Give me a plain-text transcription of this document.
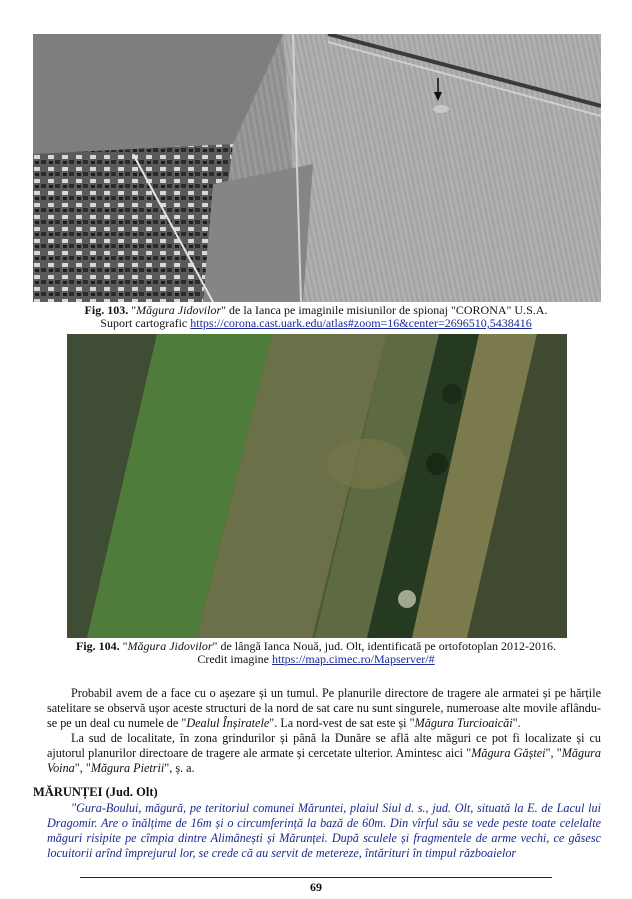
Fig. 103. "Măgura Jidovilor" de la Ianca pe imaginile misiunilor de spionaj "CORONA" U.S.A.
Suport cartografic https://corona.cast.uark.edu/atlas#zoom=16&center=2696510,5438416
Fig. 104. "Măgura Jidovilor" de lângă Ianca Nouă, jud. Olt, identificată pe ortofotoplan 2012-2016.
Credit imagine https://map.cimec.ro/Mapserver/#

Probabil avem de a face cu o așezare și un tumul. Pe planurile directore de tragere ale armatei și pe hărțile satelitare se observă ușor aceste structuri de la nord de sat care nu sunt singurele, numeroase alte movile aflându-se pe un deal cu numele de "Dealul Înșiratele". La nord-vest de sat este și "Măgura Turcioaicăi".

La sud de localitate, în zona grindurilor și până la Dunăre se află alte măguri ce pot fi localizate și cu ajutorul planurilor directoare de tragere ale armate și cercetate ulterior. Amintesc aici "Măgura Găștei", "Măgura Voina", "Măgura Pietrii", ș. a.

MĂRUNȚEI (Jud. Olt)
"Gura-Boului, măgură, pe teritoriul comunei Măruntei, plaiul Siul d. s., jud. Olt, situată la E. de Lacul lui Dragomir. Are o înălțime de 16m și o circumferință la bază de 60m. Din vîrful său se vede peste toate celelalte măguri risipite pe cîmpia dintre Alimănești și Mărunței. După sculele și fragmentele de arme vechi, ce găsesc locuitorii arînd împrejurul lor, se crede că au servit de metereze, întărituri în timpul războaielor
69
